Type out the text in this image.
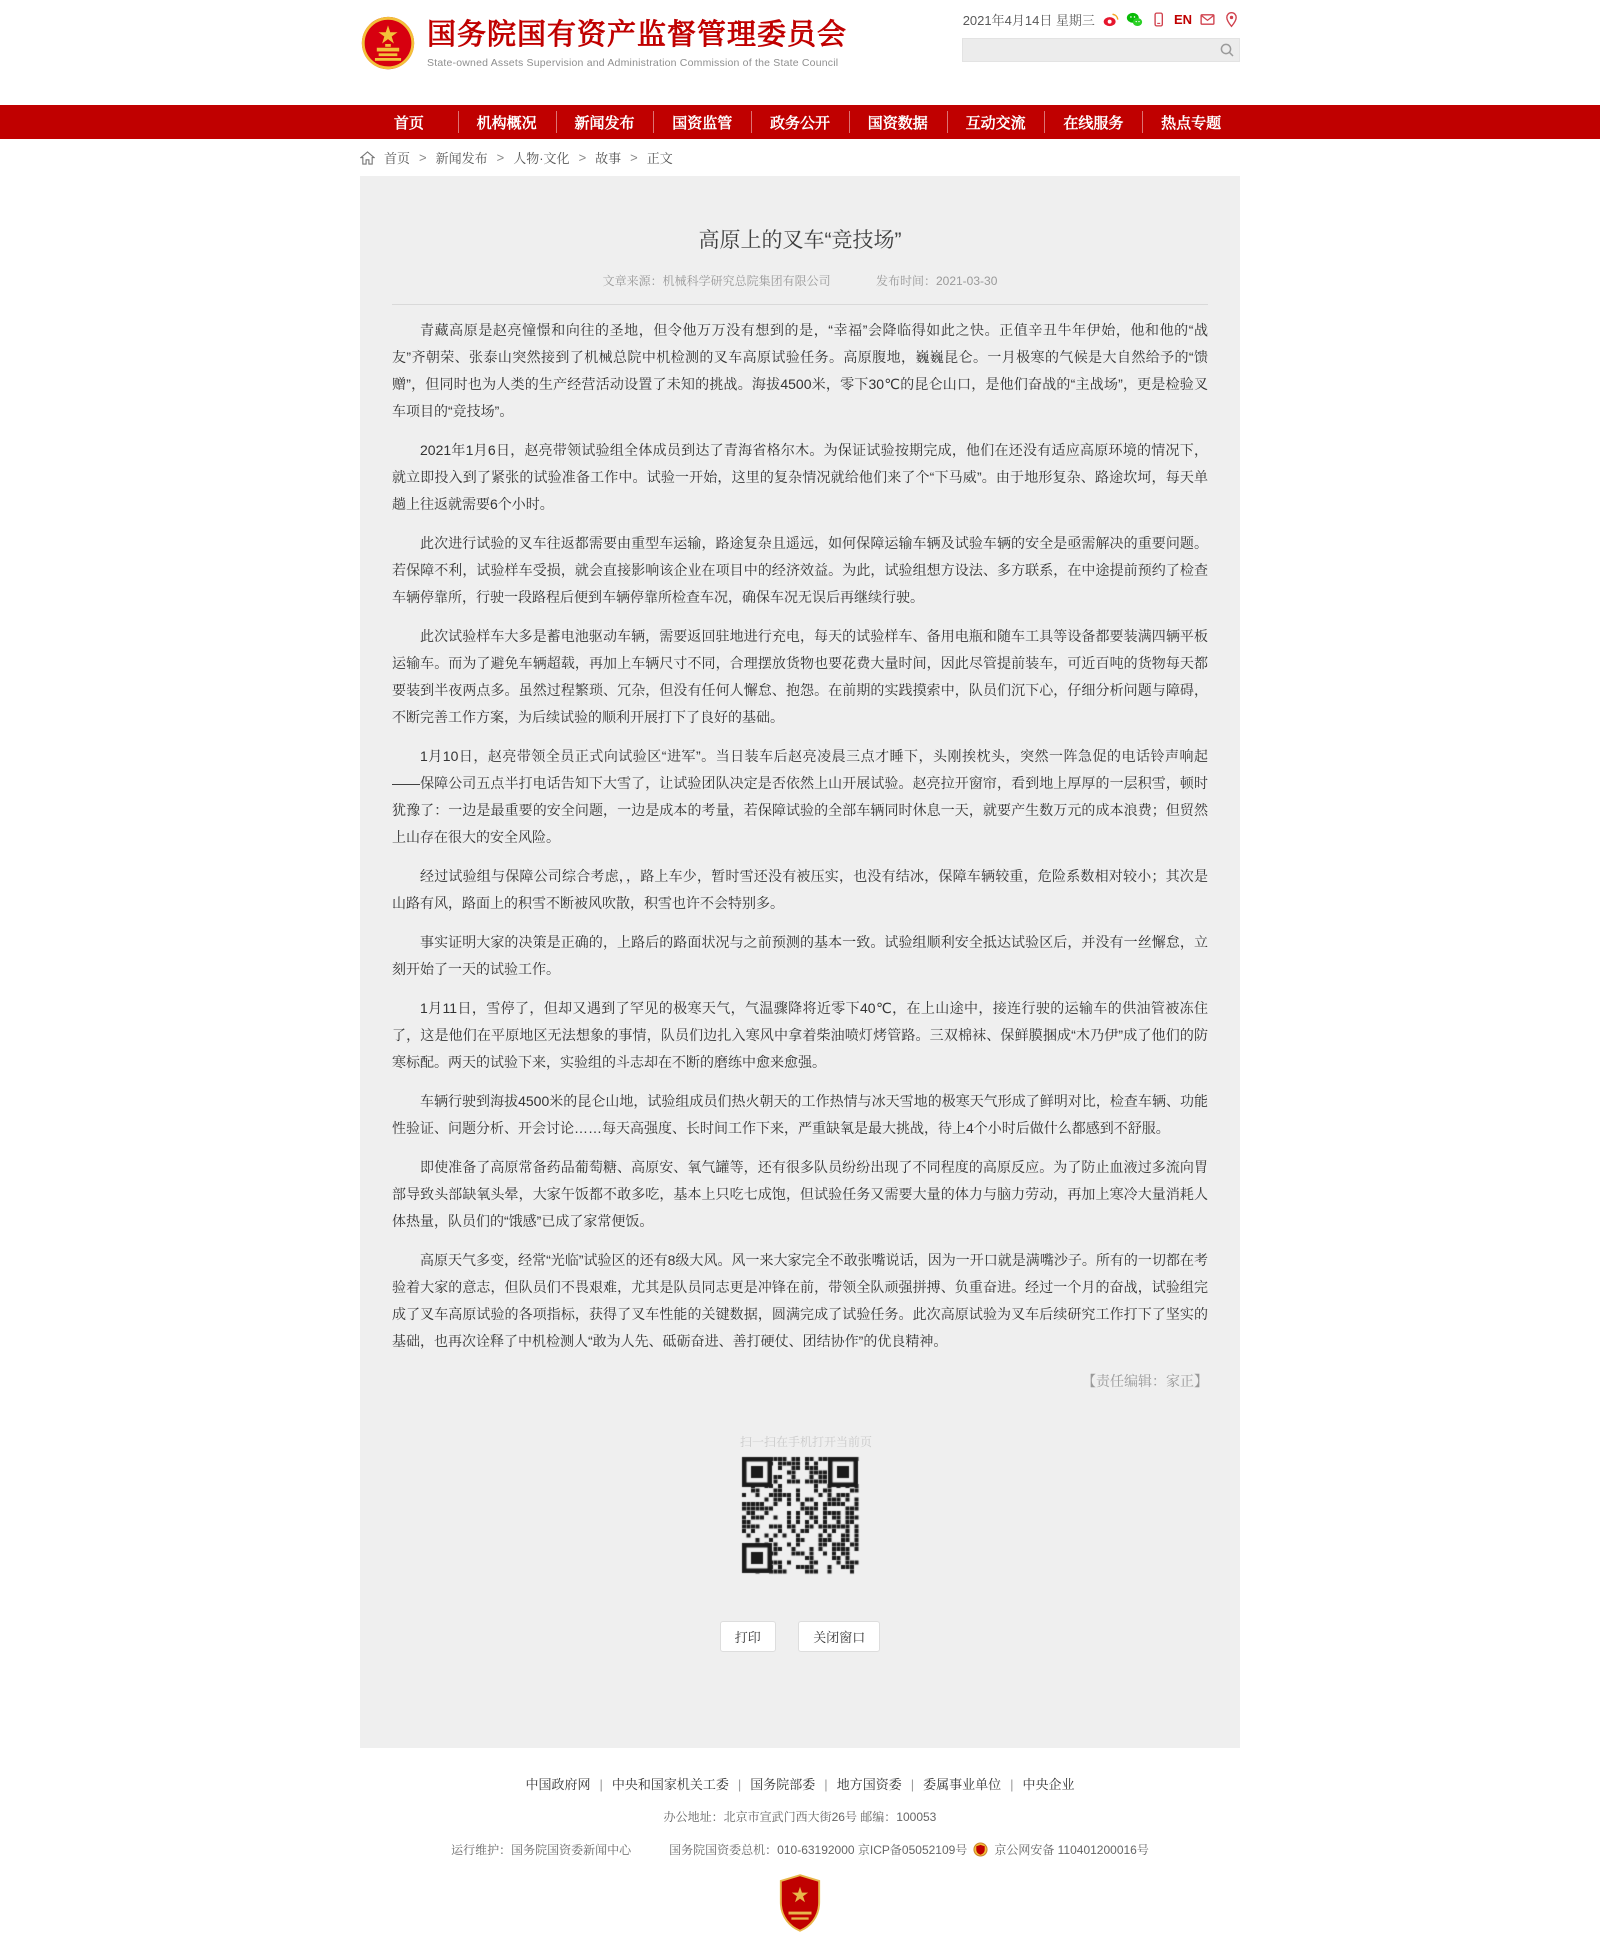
国务院国有资产监督管理委员会
State-owned Assets Supervision and Administration Commission of the State Council
2021年4月14日 星期三	EN
首页	机构概况	新闻发布	国资监管	政务公开	国资数据	互动交流	在线服务	热点专题
首页 > 新闻发布 > 人物·文化 > 故事 > 正文
高原上的叉车“竞技场”
文章来源：机械科学研究总院集团有限公司	发布时间：2021-03-30

青藏高原是赵亮憧憬和向往的圣地，但令他万万没有想到的是，“幸福”会降临得如此之快。正值辛丑牛年伊始，他和他的“战友”齐朝荣、张泰山突然接到了机械总院中机检测的叉车高原试验任务。高原腹地，巍巍昆仑。一月极寒的气候是大自然给予的“馈赠”，但同时也为人类的生产经营活动设置了未知的挑战。海拔4500米，零下30℃的昆仑山口，是他们奋战的“主战场”，更是检验叉车项目的“竞技场”。

2021年1月6日，赵亮带领试验组全体成员到达了青海省格尔木。为保证试验按期完成，他们在还没有适应高原环境的情况下，就立即投入到了紧张的试验准备工作中。试验一开始，这里的复杂情况就给他们来了个“下马威”。由于地形复杂、路途坎坷，每天单趟上往返就需要6个小时。

此次进行试验的叉车往返都需要由重型车运输，路途复杂且遥远，如何保障运输车辆及试验车辆的安全是亟需解决的重要问题。若保障不利，试验样车受损，就会直接影响该企业在项目中的经济效益。为此，试验组想方设法、多方联系，在中途提前预约了检查车辆停靠所，行驶一段路程后便到车辆停靠所检查车况，确保车况无误后再继续行驶。

此次试验样车大多是蓄电池驱动车辆，需要返回驻地进行充电，每天的试验样车、备用电瓶和随车工具等设备都要装满四辆平板运输车。而为了避免车辆超载，再加上车辆尺寸不同，合理摆放货物也要花费大量时间，因此尽管提前装车，可近百吨的货物每天都要装到半夜两点多。虽然过程繁琐、冗杂，但没有任何人懈怠、抱怨。在前期的实践摸索中，队员们沉下心，仔细分析问题与障碍，不断完善工作方案，为后续试验的顺利开展打下了良好的基础。

1月10日，赵亮带领全员正式向试验区“进军”。当日装车后赵亮凌晨三点才睡下，头刚挨枕头，突然一阵急促的电话铃声响起——保障公司五点半打电话告知下大雪了，让试验团队决定是否依然上山开展试验。赵亮拉开窗帘，看到地上厚厚的一层积雪，顿时犹豫了：一边是最重要的安全问题，一边是成本的考量，若保障试验的全部车辆同时休息一天，就要产生数万元的成本浪费；但贸然上山存在很大的安全风险。

经过试验组与保障公司综合考虑，，路上车少，暂时雪还没有被压实，也没有结冰，保障车辆较重，危险系数相对较小；其次是山路有风，路面上的积雪不断被风吹散，积雪也许不会特别多。

事实证明大家的决策是正确的，上路后的路面状况与之前预测的基本一致。试验组顺利安全抵达试验区后，并没有一丝懈怠，立刻开始了一天的试验工作。

1月11日，雪停了，但却又遇到了罕见的极寒天气，气温骤降将近零下40℃，在上山途中，接连行驶的运输车的供油管被冻住了，这是他们在平原地区无法想象的事情，队员们边扎入寒风中拿着柴油喷灯烤管路。三双棉袜、保鲜膜捆成“木乃伊”成了他们的防寒标配。两天的试验下来，实验组的斗志却在不断的磨练中愈来愈强。

车辆行驶到海拔4500米的昆仑山地，试验组成员们热火朝天的工作热情与冰天雪地的极寒天气形成了鲜明对比，检查车辆、功能性验证、问题分析、开会讨论……每天高强度、长时间工作下来，严重缺氧是最大挑战，待上4个小时后做什么都感到不舒服。

即使准备了高原常备药品葡萄糖、高原安、氧气罐等，还有很多队员纷纷出现了不同程度的高原反应。为了防止血液过多流向胃部导致头部缺氧头晕，大家午饭都不敢多吃，基本上只吃七成饱，但试验任务又需要大量的体力与脑力劳动，再加上寒冷大量消耗人体热量，队员们的“饿感”已成了家常便饭。

高原天气多变，经常“光临”试验区的还有8级大风。风一来大家完全不敢张嘴说话，因为一开口就是满嘴沙子。所有的一切都在考验着大家的意志，但队员们不畏艰难，尤其是队员同志更是冲锋在前，带领全队顽强拼搏、负重奋进。经过一个月的奋战，试验组完成了叉车高原试验的各项指标，获得了叉车性能的关键数据，圆满完成了试验任务。此次高原试验为叉车后续研究工作打下了坚实的基础，也再次诠释了中机检测人“敢为人先、砥砺奋进、善打硬仗、团结协作”的优良精神。

【责任编辑：家正】
扫一扫在手机打开当前页
打印	关闭窗口
中国政府网 | 中央和国家机关工委 | 国务院部委 | 地方国资委 | 委属事业单位 | 中央企业
办公地址：北京市宣武门西大街26号 邮编：100053
运行维护：国务院国资委新闻中心	国务院国资委总机：010-63192000 京ICP备05052109号 京公网安备 110401200016号
